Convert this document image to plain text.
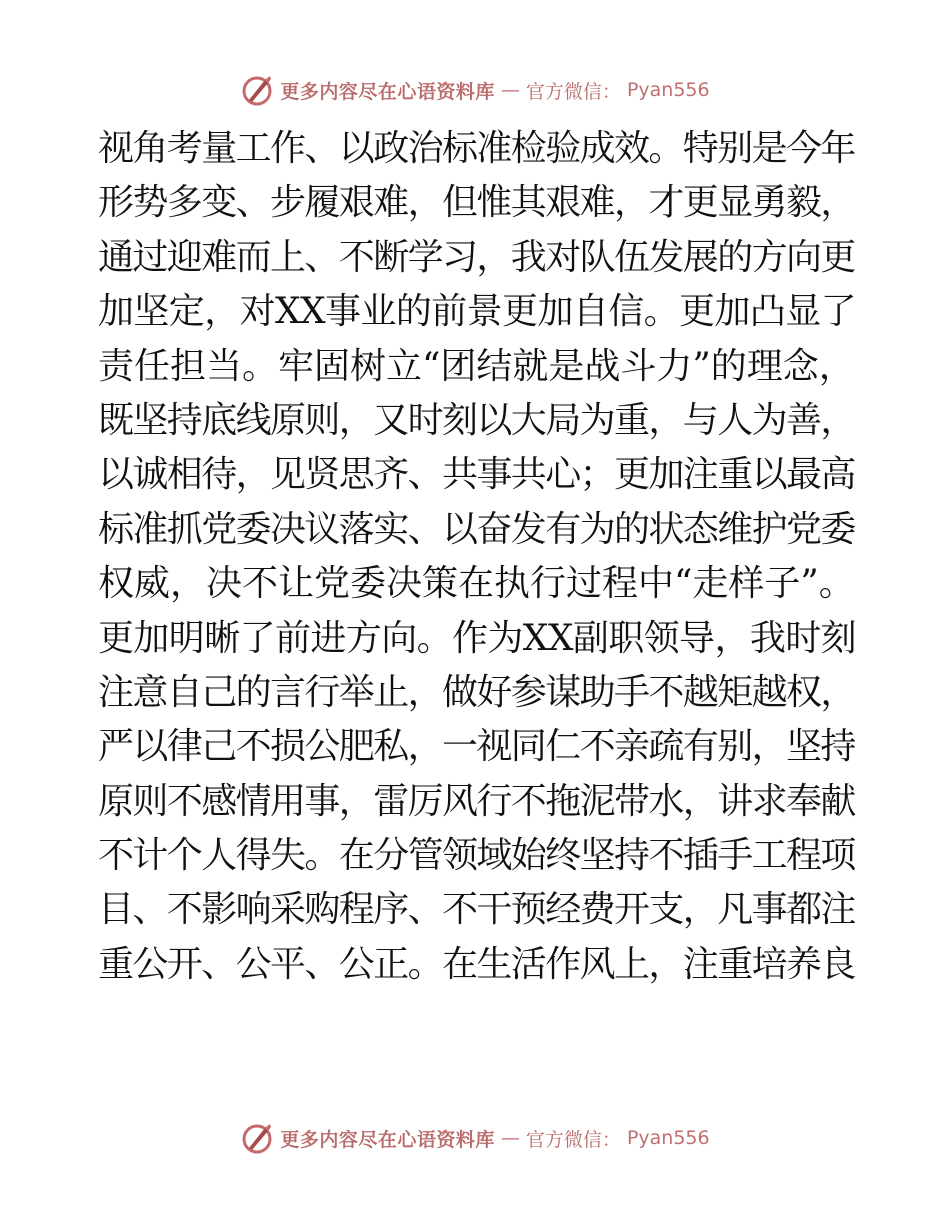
更多内容尽在心语资料库 — 官方微信： Pyan556
视角考量工作、以政治标准检验成效。特别是今年
形势多变、步履艰难，但惟其艰难，才更显勇毅，
通过迎难而上、不断学习，我对队伍发展的方向更
加坚定，对XX事业的前景更加自信。更加凸显了
责任担当。牢固树立“团结就是战斗力”的理念，
既坚持底线原则，又时刻以大局为重，与人为善，
以诚相待，见贤思齐、共事共心；更加注重以最高
标准抓党委决议落实、以奋发有为的状态维护党委
权威，决不让党委决策在执行过程中“走样子”。
更加明晰了前进方向。作为XX副职领导，我时刻
注意自己的言行举止，做好参谋助手不越矩越权，
严以律己不损公肥私，一视同仁不亲疏有别，坚持
原则不感情用事，雷厉风行不拖泥带水，讲求奉献
不计个人得失。在分管领域始终坚持不插手工程项
目、不影响采购程序、不干预经费开支，凡事都注
重公开、公平、公正。在生活作风上，注重培养良
更多内容尽在心语资料库 — 官方微信： Pyan556
